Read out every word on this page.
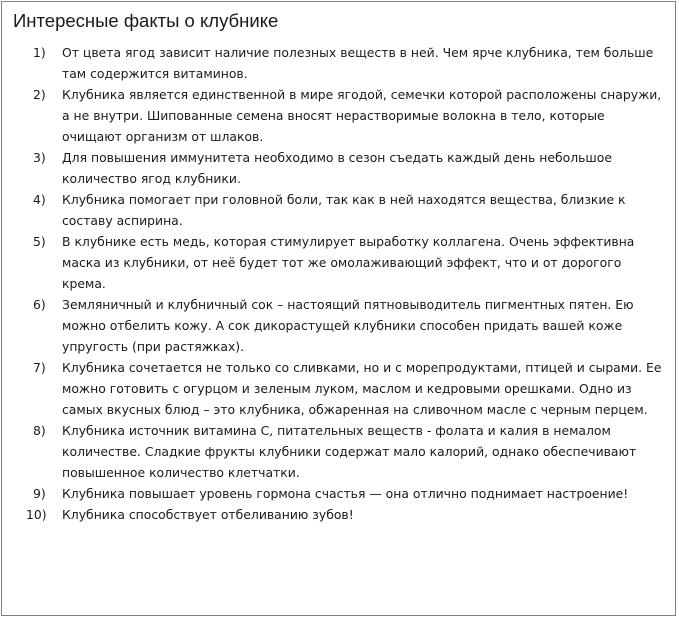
Интересные факты о клубнике
1) От цвета ягод зависит наличие полезных веществ в ней. Чем ярче клубника, тем больше там содержится витаминов.
2) Клубника является единственной в мире ягодой, семечки которой расположены снаружи, а не внутри. Шипованные семена вносят нерастворимые волокна в тело, которые очищают организм от шлаков.
3) Для повышения иммунитета необходимо в сезон съедать каждый день небольшое количество ягод клубники.
4) Клубника помогает при головной боли, так как в ней находятся вещества, близкие к составу аспирина.
5) В клубнике есть медь, которая стимулирует выработку коллагена. Очень эффективна маска из клубники, от неё будет тот же омолаживающий эффект, что и от дорогого крема.
6) Земляничный и клубничный сок – настоящий пятновыводитель пигментных пятен. Ею можно отбелить кожу. А сок дикорастущей клубники способен придать вашей коже упругость (при растяжках).
7) Клубника сочетается не только со сливками, но и с морепродуктами, птицей и сырами. Ее можно готовить с огурцом и зеленым луком, маслом и кедровыми орешками. Одно из самых вкусных блюд – это клубника, обжаренная на сливочном масле с черным перцем.
8) Клубника источник витамина С, питательных веществ - фолата и калия в немалом количестве. Сладкие фрукты клубники содержат мало калорий, однако обеспечивают повышенное количество клетчатки.
9) Клубника повышает уровень гормона счастья — она отлично поднимает настроение!
10) Клубника способствует отбеливанию зубов!
